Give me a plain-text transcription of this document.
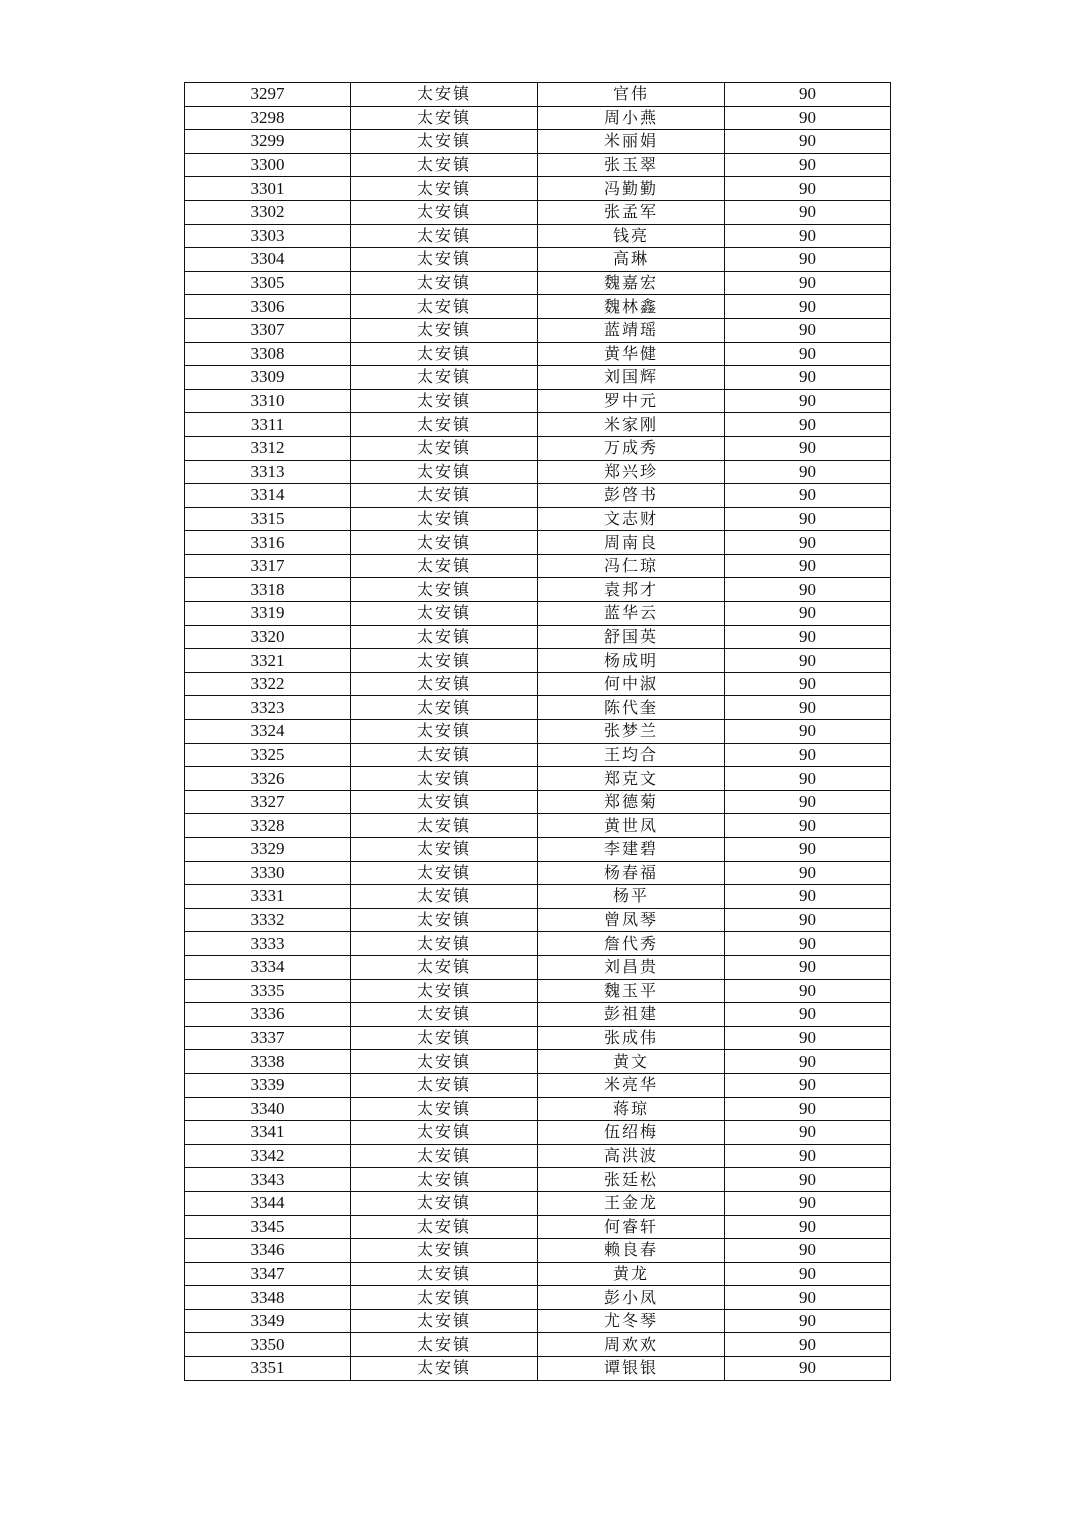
3297	太安镇	官伟	90
3298	太安镇	周小燕	90
3299	太安镇	米丽娟	90
3300	太安镇	张玉翠	90
3301	太安镇	冯勤勤	90
3302	太安镇	张孟军	90
3303	太安镇	钱亮	90
3304	太安镇	高琳	90
3305	太安镇	魏嘉宏	90
3306	太安镇	魏林鑫	90
3307	太安镇	蓝靖瑶	90
3308	太安镇	黄华健	90
3309	太安镇	刘国辉	90
3310	太安镇	罗中元	90
3311	太安镇	米家刚	90
3312	太安镇	万成秀	90
3313	太安镇	郑兴珍	90
3314	太安镇	彭啓书	90
3315	太安镇	文志财	90
3316	太安镇	周南良	90
3317	太安镇	冯仁琼	90
3318	太安镇	袁邦才	90
3319	太安镇	蓝华云	90
3320	太安镇	舒国英	90
3321	太安镇	杨成明	90
3322	太安镇	何中淑	90
3323	太安镇	陈代奎	90
3324	太安镇	张梦兰	90
3325	太安镇	王均合	90
3326	太安镇	郑克文	90
3327	太安镇	郑德菊	90
3328	太安镇	黄世凤	90
3329	太安镇	李建碧	90
3330	太安镇	杨春福	90
3331	太安镇	杨平	90
3332	太安镇	曾凤琴	90
3333	太安镇	詹代秀	90
3334	太安镇	刘昌贵	90
3335	太安镇	魏玉平	90
3336	太安镇	彭祖建	90
3337	太安镇	张成伟	90
3338	太安镇	黄文	90
3339	太安镇	米亮华	90
3340	太安镇	蒋琼	90
3341	太安镇	伍绍梅	90
3342	太安镇	高洪波	90
3343	太安镇	张廷松	90
3344	太安镇	王金龙	90
3345	太安镇	何睿轩	90
3346	太安镇	赖良春	90
3347	太安镇	黄龙	90
3348	太安镇	彭小凤	90
3349	太安镇	尤冬琴	90
3350	太安镇	周欢欢	90
3351	太安镇	谭银银	90
